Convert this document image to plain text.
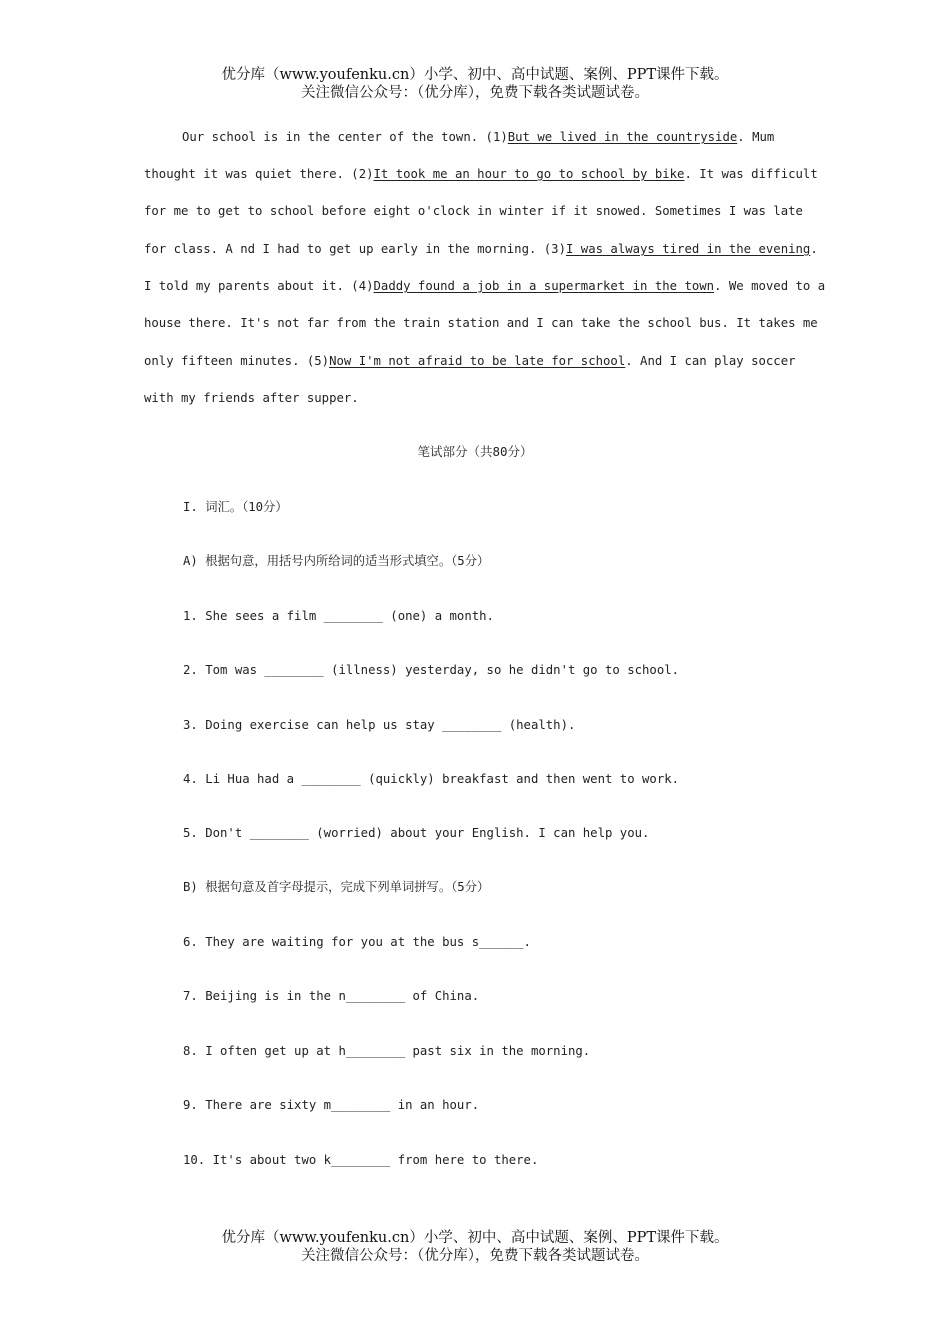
优分库（www.youfenku.cn）小学、初中、高中试题、案例、PPT课件下载。
关注微信公众号：（优分库），免费下载各类试题试卷。
Our school is in the center of the town. (1)But we lived in the countryside. Mum
thought it was quiet there. (2)It took me an hour to go to school by bike. It was difficult
for me to get to school before eight o'clock in winter if it snowed. Sometimes I was late
for class. A nd I had to get up early in the morning. (3)I was always tired in the evening.
I told my parents about it. (4)Daddy found a job in a supermarket in the town. We moved to a
house there. It's not far from the train station and I can take the school bus. It takes me
only fifteen minutes. (5)Now I'm not afraid to be late for school. And I can play soccer
with my friends after supper.
笔试部分（共80分）
I. 词汇。（10分）
A) 根据句意，用括号内所给词的适当形式填空。（5分）
1. She sees a film ________ (one) a month.
2. Tom was ________ (illness) yesterday, so he didn't go to school.
3. Doing exercise can help us stay ________ (health).
4. Li Hua had a ________ (quickly) breakfast and then went to work.
5. Don't ________ (worried) about your English. I can help you.
B) 根据句意及首字母提示，完成下列单词拼写。（5分）
6. They are waiting for you at the bus s______.
7. Beijing is in the n________ of China.
8. I often get up at h________ past six in the morning.
9. There are sixty m________ in an hour.
10. It's about two k________ from here to there.
优分库（www.youfenku.cn）小学、初中、高中试题、案例、PPT课件下载。
关注微信公众号：（优分库），免费下载各类试题试卷。
